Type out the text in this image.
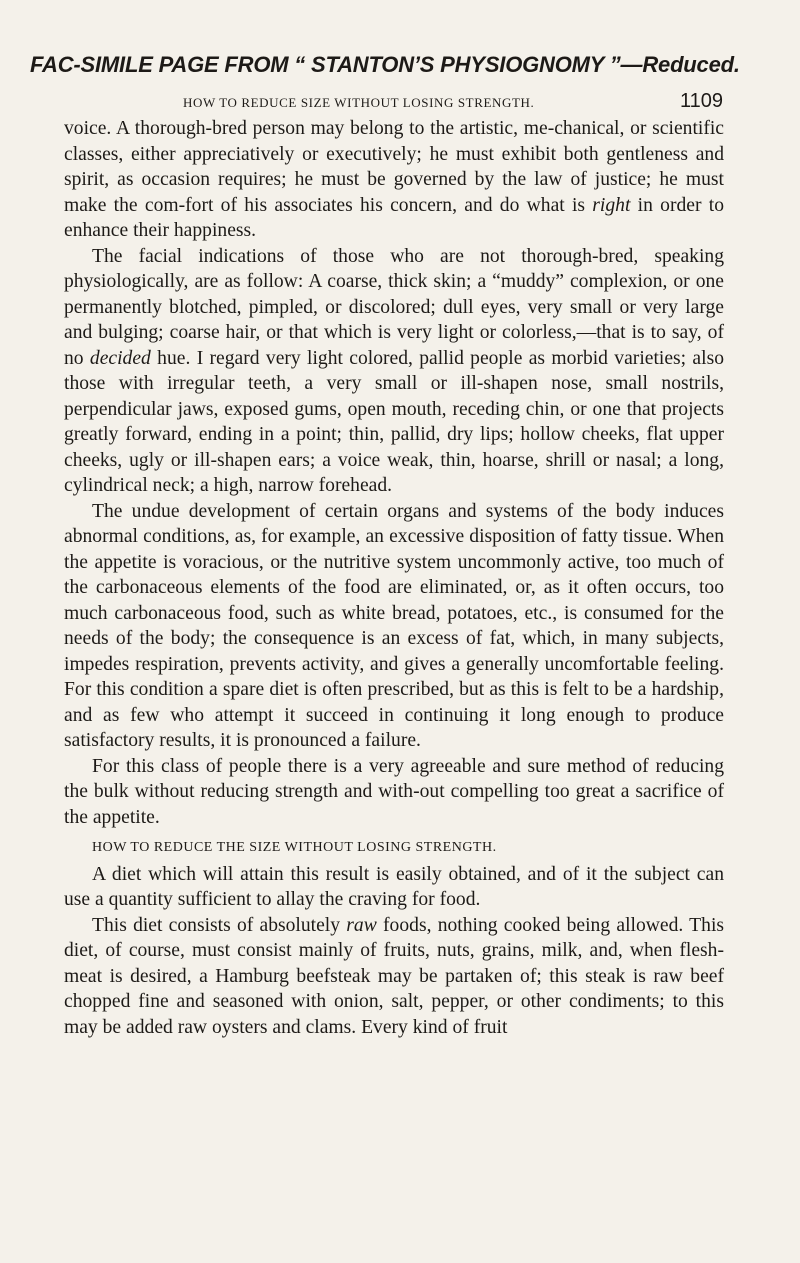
FAC-SIMILE PAGE FROM “ STANTON’S PHYSIOGNOMY ”—Reduced.
HOW TO REDUCE SIZE WITHOUT LOSING STRENGTH.	1109

voice. A thorough-bred person may belong to the artistic, me-chanical, or scientific classes, either appreciatively or executively; he must exhibit both gentleness and spirit, as occasion requires; he must be governed by the law of justice; he must make the com-fort of his associates his concern, and do what is right in order to enhance their happiness.

The facial indications of those who are not thorough-bred, speaking physiologically, are as follow: A coarse, thick skin; a “muddy” complexion, or one permanently blotched, pimpled, or discolored; dull eyes, very small or very large and bulging; coarse hair, or that which is very light or colorless,—that is to say, of no decided hue. I regard very light colored, pallid people as morbid varieties; also those with irregular teeth, a very small or ill-shapen nose, small nostrils, perpendicular jaws, exposed gums, open mouth, receding chin, or one that projects greatly forward, ending in a point; thin, pallid, dry lips; hollow cheeks, flat upper cheeks, ugly or ill-shapen ears; a voice weak, thin, hoarse, shrill or nasal; a long, cylindrical neck; a high, narrow forehead.

The undue development of certain organs and systems of the body induces abnormal conditions, as, for example, an excessive disposition of fatty tissue. When the appetite is voracious, or the nutritive system uncommonly active, too much of the carbonaceous elements of the food are eliminated, or, as it often occurs, too much carbonaceous food, such as white bread, potatoes, etc., is consumed for the needs of the body; the consequence is an excess of fat, which, in many subjects, impedes respiration, prevents activity, and gives a generally uncomfortable feeling. For this condition a spare diet is often prescribed, but as this is felt to be a hardship, and as few who attempt it succeed in continuing it long enough to produce satisfactory results, it is pronounced a failure.

For this class of people there is a very agreeable and sure method of reducing the bulk without reducing strength and with-out compelling too great a sacrifice of the appetite.

HOW TO REDUCE THE SIZE WITHOUT LOSING STRENGTH.

A diet which will attain this result is easily obtained, and of it the subject can use a quantity sufficient to allay the craving for food.

This diet consists of absolutely raw foods, nothing cooked being allowed. This diet, of course, must consist mainly of fruits, nuts, grains, milk, and, when flesh-meat is desired, a Hamburg beefsteak may be partaken of; this steak is raw beef chopped fine and seasoned with onion, salt, pepper, or other condiments; to this may be added raw oysters and clams. Every kind of fruit
